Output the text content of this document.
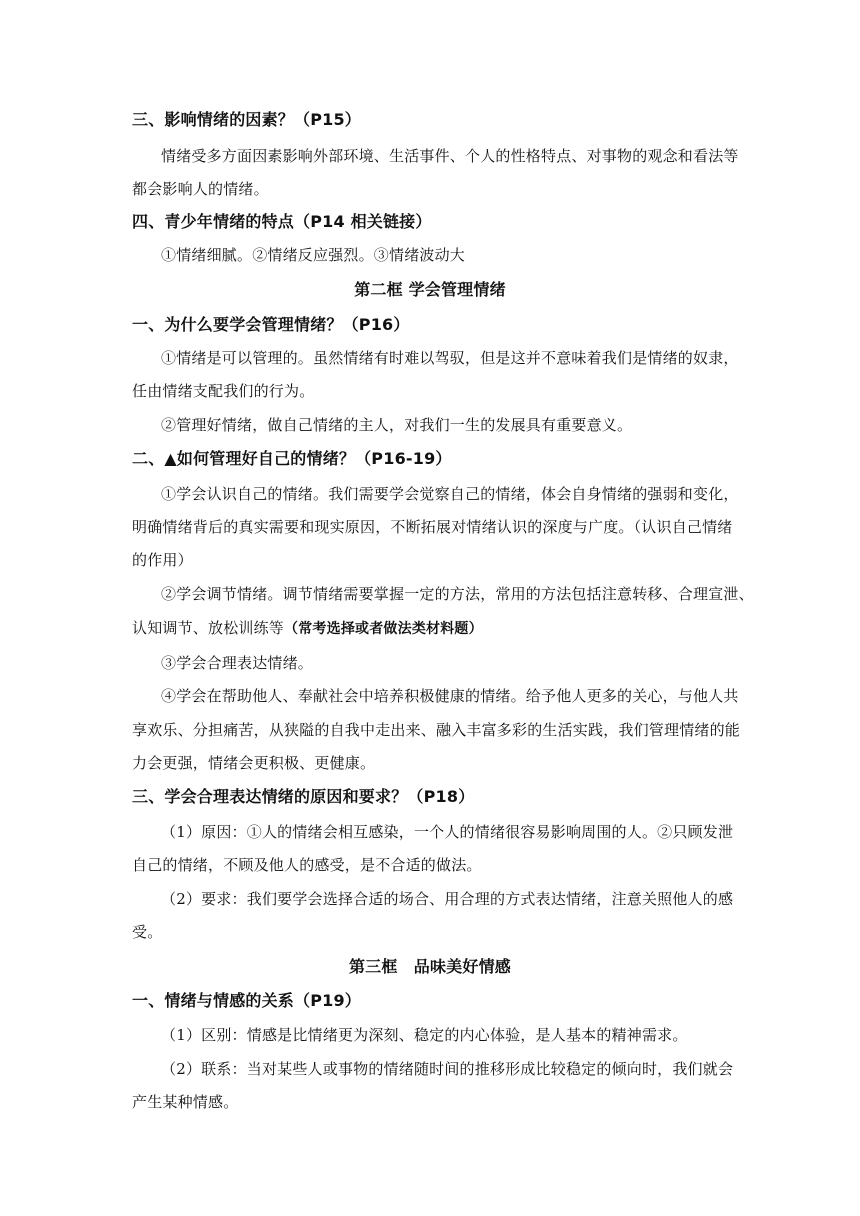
三、影响情绪的因素？（P15）
情绪受多方面因素影响外部环境、生活事件、个人的性格特点、对事物的观念和看法等
都会影响人的情绪。
四、青少年情绪的特点（P14 相关链接）
①情绪细腻。②情绪反应强烈。③情绪波动大
第二框 学会管理情绪
一、为什么要学会管理情绪？（P16）
①情绪是可以管理的。虽然情绪有时难以驾驭，但是这并不意味着我们是情绪的奴隶，
任由情绪支配我们的行为。
②管理好情绪，做自己情绪的主人，对我们一生的发展具有重要意义。
二、▲如何管理好自己的情绪？（P16-19）
①学会认识自己的情绪。我们需要学会觉察自己的情绪，体会自身情绪的强弱和变化，
明确情绪背后的真实需要和现实原因，不断拓展对情绪认识的深度与广度。（认识自己情绪
的作用）
②学会调节情绪。调节情绪需要掌握一定的方法，常用的方法包括注意转移、合理宣泄、
认知调节、放松训练等（常考选择或者做法类材料题）
③学会合理表达情绪。
④学会在帮助他人、奉献社会中培养积极健康的情绪。给予他人更多的关心，与他人共
享欢乐、分担痛苦，从狭隘的自我中走出来、融入丰富多彩的生活实践，我们管理情绪的能
力会更强，情绪会更积极、更健康。
三、学会合理表达情绪的原因和要求？（P18）
（1）原因：①人的情绪会相互感染，一个人的情绪很容易影响周围的人。②只顾发泄
自己的情绪，不顾及他人的感受，是不合适的做法。
（2）要求：我们要学会选择合适的场合、用合理的方式表达情绪，注意关照他人的感
受。
第三框　品味美好情感
一、情绪与情感的关系（P19）
（1）区别：情感是比情绪更为深刻、稳定的内心体验，是人基本的精神需求。
（2）联系：当对某些人或事物的情绪随时间的推移形成比较稳定的倾向时，我们就会
产生某种情感。
